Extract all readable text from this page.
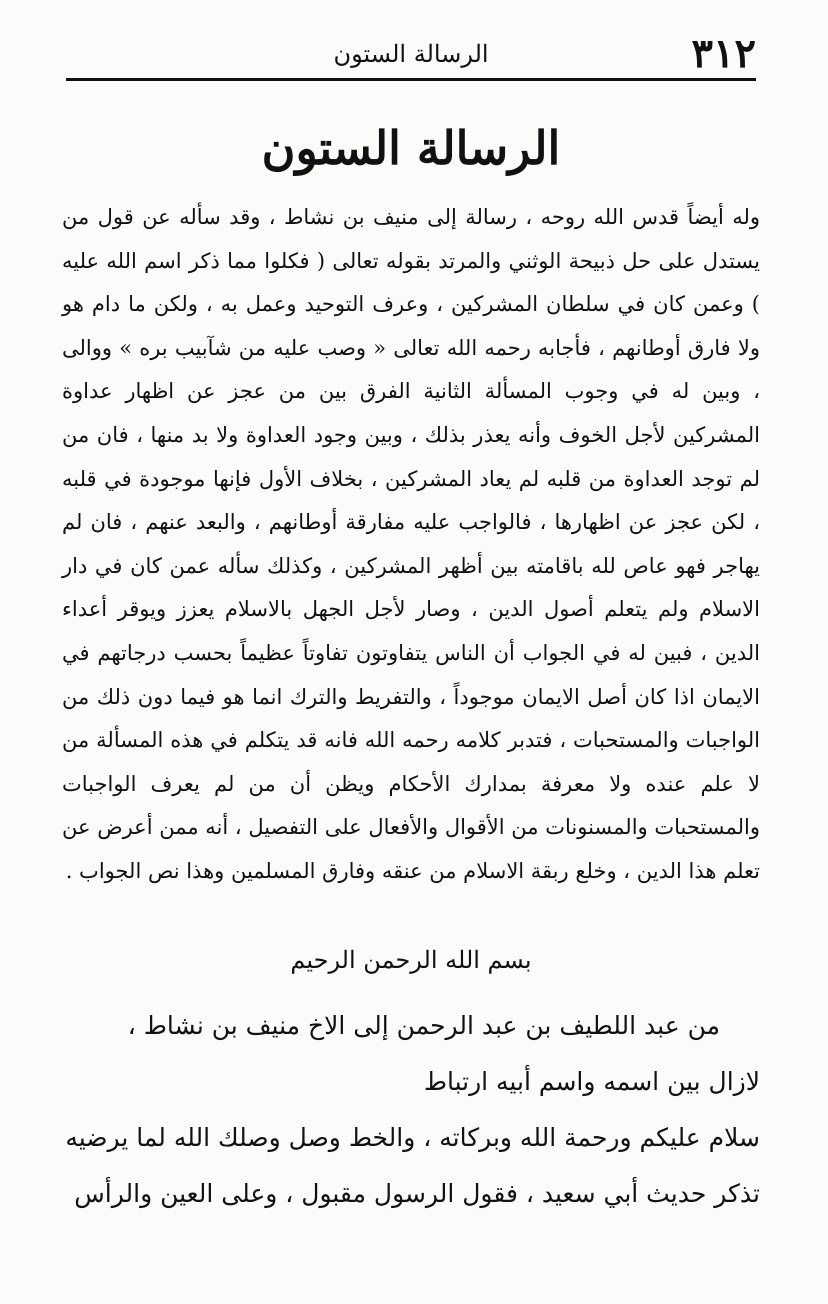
٣١٢
الرسالة الستون
الرسالة الستون

وله أيضاً قدس الله روحه ، رسالة إلى منيف بن نشاط ، وقد سأله عن قول من يستدل على حل ذبيحة الوثني والمرتد بقوله تعالى ( فكلوا مما ذكر اسم الله عليه ) وعمن كان في سلطان المشركين ، وعرف التوحيد وعمل به ، ولكن ما دام هو ولا فارق أوطانهم ، فأجابه رحمه الله تعالى « وصب عليه من شآبيب بره » ووالى ، وبين له في وجوب المسألة الثانية الفرق بين من عجز عن اظهار عداوة المشركين لأجل الخوف وأنه يعذر بذلك ، وبين وجود العداوة ولا بد منها ، فان من لم توجد العداوة من قلبه لم يعاد المشركين ، بخلاف الأول فإنها موجودة في قلبه ، لكن عجز عن اظهارها ، فالواجب عليه مفارقة أوطانهم ، والبعد عنهم ، فان لم يهاجر فهو عاص لله باقامته بين أظهر المشركين ، وكذلك سأله عمن كان في دار الاسلام ولم يتعلم أصول الدين ، وصار لأجل الجهل بالاسلام يعزز ويوقر أعداء الدين ، فبين له في الجواب أن الناس يتفاوتون تفاوتاً عظيماً بحسب درجاتهم في الايمان اذا كان أصل الايمان موجوداً ، والتفريط والترك انما هو فيما دون ذلك من الواجبات والمستحبات ، فتدبر كلامه رحمه الله فانه قد يتكلم في هذه المسألة من لا علم عنده ولا معرفة بمدارك الأحكام ويظن أن من لم يعرف الواجبات والمستحبات والمسنونات من الأقوال والأفعال على التفصيل ، أنه ممن أعرض عن تعلم هذا الدين ، وخلع ربقة الاسلام من عنقه وفارق المسلمين وهذا نص الجواب .

بسم الله الرحمن الرحيم

من عبد اللطيف بن عبد الرحمن إلى الاخ منيف بن نشاط ،

لازال بين اسمه واسم أبيه ارتباط

سلام عليكم ورحمة الله وبركاته ، والخط وصل وصلك الله لما يرضيه

تذكر حديث أبي سعيد ، فقول الرسول مقبول ، وعلى العين والرأس
